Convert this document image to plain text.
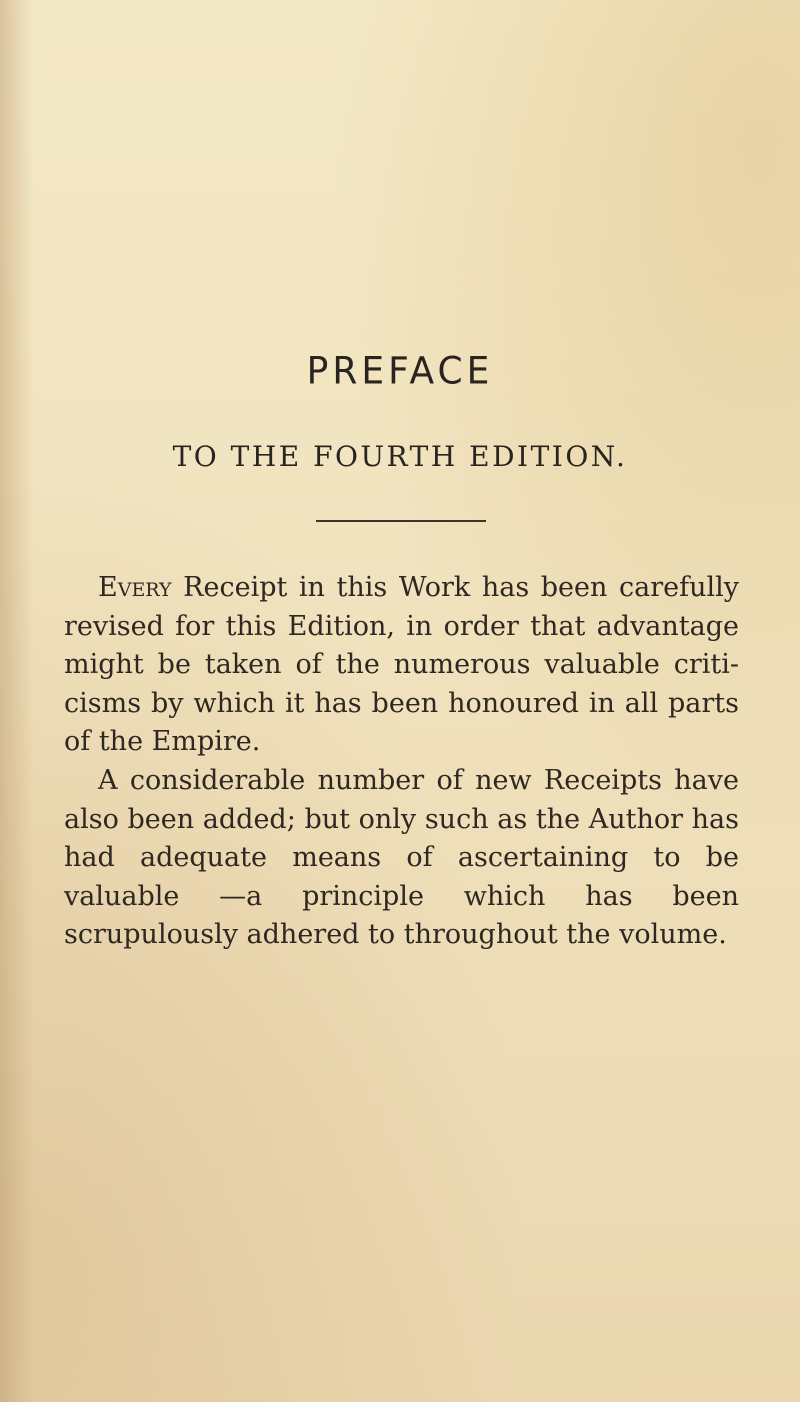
PREFACE
TO THE FOURTH EDITION.

Every Receipt in this Work has been carefully revised for this Edition, in order that advantage might be taken of the numerous valuable criti- cisms by which it has been honoured in all parts of the Empire.

A considerable number of new Receipts have also been added; but only such as the Author has had adequate means of ascertaining to be valuable —a principle which has been scrupulously adhered to throughout the volume.
